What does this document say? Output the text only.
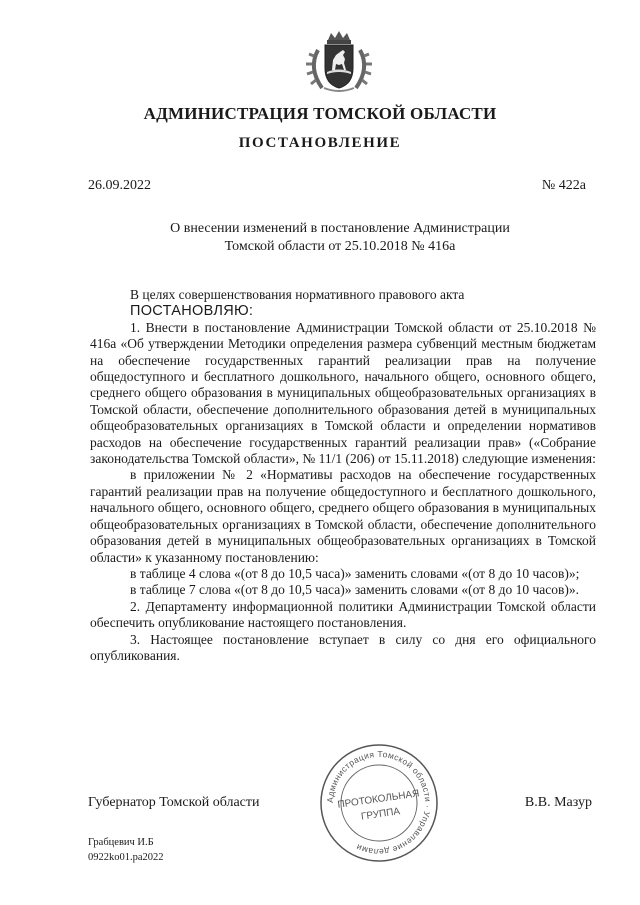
АДМИНИСТРАЦИЯ ТОМСКОЙ ОБЛАСТИ
ПОСТАНОВЛЕНИЕ
26.09.2022	№ 422а
О внесении изменений в постановление Администрации
Томской области от 25.10.2018 № 416а

В целях совершенствования нормативного правового акта

ПОСТАНОВЛЯЮ:

1. Внести в постановление Администрации Томской области от 25.10.2018 № 416а «Об утверждении Методики определения размера субвенций местным бюджетам на обеспечение государственных гарантий реализации прав на получение общедоступного и бесплатного дошкольного, начального общего, основного общего, среднего общего образования в муниципальных общеобразовательных организациях в Томской области, обеспечение дополнительного образования детей в муниципальных общеобразовательных организациях в Томской области и определении нормативов расходов на обеспечение государственных гарантий реализации прав» («Собрание законодательства Томской области», № 11/1 (206) от 15.11.2018) следующие изменения:

в приложении № 2 «Нормативы расходов на обеспечение государственных гарантий реализации прав на получение общедоступного и бесплатного дошкольного, начального общего, основного общего, среднего общего образования в муниципальных общеобразовательных организациях в Томской области, обеспечение дополнительного образования детей в муниципальных общеобразовательных организациях в Томской области» к указанному постановлению:

в таблице 4 слова «(от 8 до 10,5 часа)» заменить словами «(от 8 до 10 часов)»;

в таблице 7 слова «(от 8 до 10,5 часа)» заменить словами «(от 8 до 10 часов)».

2. Департаменту информационной политики Администрации Томской области обеспечить опубликование настоящего постановления.

3. Настоящее постановление вступает в силу со дня его официального опубликования.

Губернатор Томской области	В.В. Мазур
Администрация Томской области · Управление делами
ПРОТОКОЛЬНАЯ
ГРУППА
Грабцевич И.Б
0922ko01.pa2022
